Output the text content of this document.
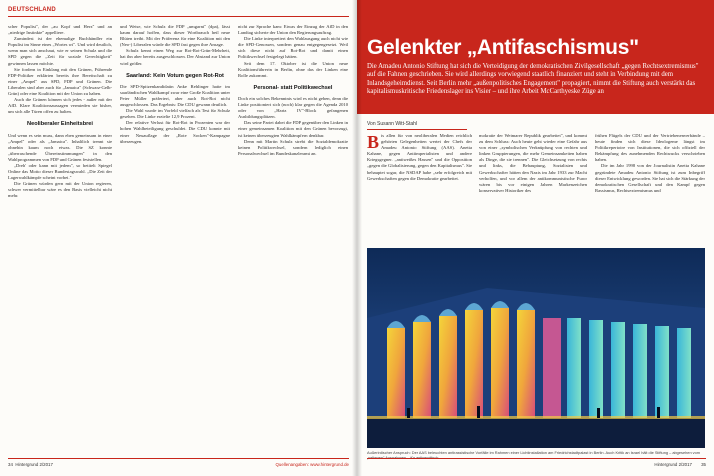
DEUTSCHLAND

scher Populist", der „au Kopf und Herz" und an „niedrige Instinkte" appelliere.

Zumindest ist der ehemalige Buchhändler ein Populist im Sinne eines „Wortes wi". Und wird deutlich, wenn man sich anschaut, wie er seinen Schulz und die SPD gegen die „Zeit für soziale Gerechtigkeit" gewinnen lassen möchte.

Sie fordern in Einklang mit den Grünen, Führende FDP-Politiker erklärten bereits ihre Bereitschaft zu einer „Ampel" aus SPD, FDP und Grünen. Die Liberalen sind aber auch für „Jamaica" (Schwarz-Gelb-Grün) oder eine Koalition mit der Union zu haben.

Auch die Grünen können sich jedes - außer mit der AfD. Klare Koalitionsaussagen vermieden sie bisher, um sich alle Türen offen zu halten.

Neoliberaler Einheitsbrei

Und wenn es sein muss, dann eben gemeinsam in einer „Ampel" oder als „Jamaica". Inhaltlich trennt sie ohnehin kaum noch etwas. Die SZ konnte „überraschende Übereinstimmungen" in den Wahlprogrammen von FDP und Grünen feststellen.

„Dreh' oder kann mit jedem", so betitelt Spiegel Online das Motto dieser Bundestagswahl. „Die Zeit der Lagerwahlkämpfe scheint vorbei."

Die Grünen würden gern mit der Union regieren, schwer vermittelbar wäre es den Basis vielleicht nicht mehr.

und Weise, wie Schulz die FDP „umgarnt" (dpa), lässt kaum darauf hoffen, dass dieser Wortbrauch heil neue Blüten treibt. Mit der Präferenz für eine Koalition mit den (Neo-) Liberalen würde die SPD fast gegen ihre Ansage.

Schulz kennt einen Weg zur Rot-Rot-Grün-Mehrheit, hat ihn aber bereits ausgeschlossen. Der Abstand zur Union wird größer.

Saarland: Kein Votum gegen Rot-Rot

Die SPD-Spitzenkandidatin Anke Rehlinger hatte im saarländischen Wahlkampf zwar eine Große Koalition unter Peter Müller präferiert, aber auch Rot-Rot nicht ausgeschlossen. Das Ergebnis: Die CDU gewann deutlich.

Die Wahl wurde im Vorfeld vielfach als Test für Schulz gesehen. Die Linke erzielte 12,9 Prozent.

Der relative Verlust für Rot-Rot in Prozenten war der hohen Wahlbeteiligung geschuldet. Die CDU konnte mit einer Neuauflage der „Rote Socken"-Kampagne überzeugen.

nicht zur Sprache kam: Etwas der Einzug der AfD in den Landtag sicherte der Union den Regierungsauftrag.

Die Linke interpretiert den Wahlausgang auch nicht wie die SPD-Genossen, sondern genau entgegengesetzt. Weil sich diese nicht auf Rot-Rot und damit einen Politikwechsel festgelegt hätten.

Seit dem 17. Oktober ist die Union neue Koalitionsführerin in Berlin, ohne das der Linken eine Rolle zukommt.

Personal- statt Politikwechsel

Doch ein solches Bekenntnis wird es nicht geben, denn die Linke positioniert sich (noch) klar gegen die Agenda 2010 oder von „Hartz IV"-Block gefangenen Ausbildungsplätzen.

Das seine Partei dabei die FDP gegenüber den Linken in einer gemeinsamen Koalition mit den Grünen bevorzugt, ist keinen überzeugten Wahlkämpfern denkbar.

Denn mit Martin Schulz strebt die Sozialdemokratie keinen Politikwechsel, sondern lediglich einen Personalwechsel im Bundeskanzleramt an.

34 Hintergrund 2/2017	Quellenangaben: www.hintergrund.de
Gelenkter „Antifaschismus"
Die Amadeu Antonio Stiftung hat sich die Verteidigung der demokratischen Zivilgesellschaft „gegen Rechtsextremismus" auf die Fahnen geschrieben. Sie wird allerdings vorwiegend staatlich finanziert und steht in Verbindung mit dem Inlandsgeheimdienst. Seit Berlin mehr „außenpolitisches Engagement" propagiert, nimmt die Stiftung auch verstärkt das kapitalismuskritische Friedenslager ins Visier – und ihre Arbeit McCarthyeske Züge an
Von Susann Witt-Stahl
B is allen für von neoliberalen Medien reichlich gehörten Gelegenheiten wertet der Chefs der Amadeu Antonio Stiftung (AAS). Anetta Kahane, gegen Antiimperialisten und andere Kriegsgegner. „antiweißes Hassen" und die Opposition „gegen die Globalisierung, gegen den Kapitalismus". Sie behauptet sogar, die NSDAP habe „sehr erfolgreich mit Gewerkschaften gegen die Demokratie gearbeitet.

mokratie der Weimarer Republik gearbeitet", und kommt zu dem Schluss: Auch heute geht wieder eine Gefahr aus von einer „symbolischen Verknüpfung von rechten und linken Gruppierungen, die mehr Gemeinsamkeiten haben als Dinge, die sie trennen". Die Gleichsetzung von rechts und links, die Behauptung, Sozialisten und Gewerkschafter hätten den Nazis im Jahr 1933 zur Macht verholfen, und vor allem der antikommunistische Furor wären bis vor einigen Jahren Markenzeichen konservativer Historiker des

frühen Flügels der CDU und der Vertriebenenverbände – heute finden sich diese Ideologeme längst im Politikrepertoire von Institutionen, die sich offiziell der Bekämpfung des zunehmenden Rechtsrucks verschrieben haben.

Die im Jahr 1998 von der Journalistin Anetta Kahane gegründete Amadeu Antonio Stiftung ist zum Inbegriff dieser Entwicklung geworden. Sie hat sich die Stärkung der demokratischen Gesellschaft und den Kampf gegen Rassismus, Rechtsextremismus und

Außerirdischer Anspruch: Der AAS beleuchten antirassistische Vorfälle im Rahmen einer Lichtinstallation am Friedrichstadtpalast in Berlin. Auch Kritik an Israel hält die Stiftung – abgesehen vom „seltenen" Ausnahmen – für antisemitisch.
Hintergrund 2/2017 35
